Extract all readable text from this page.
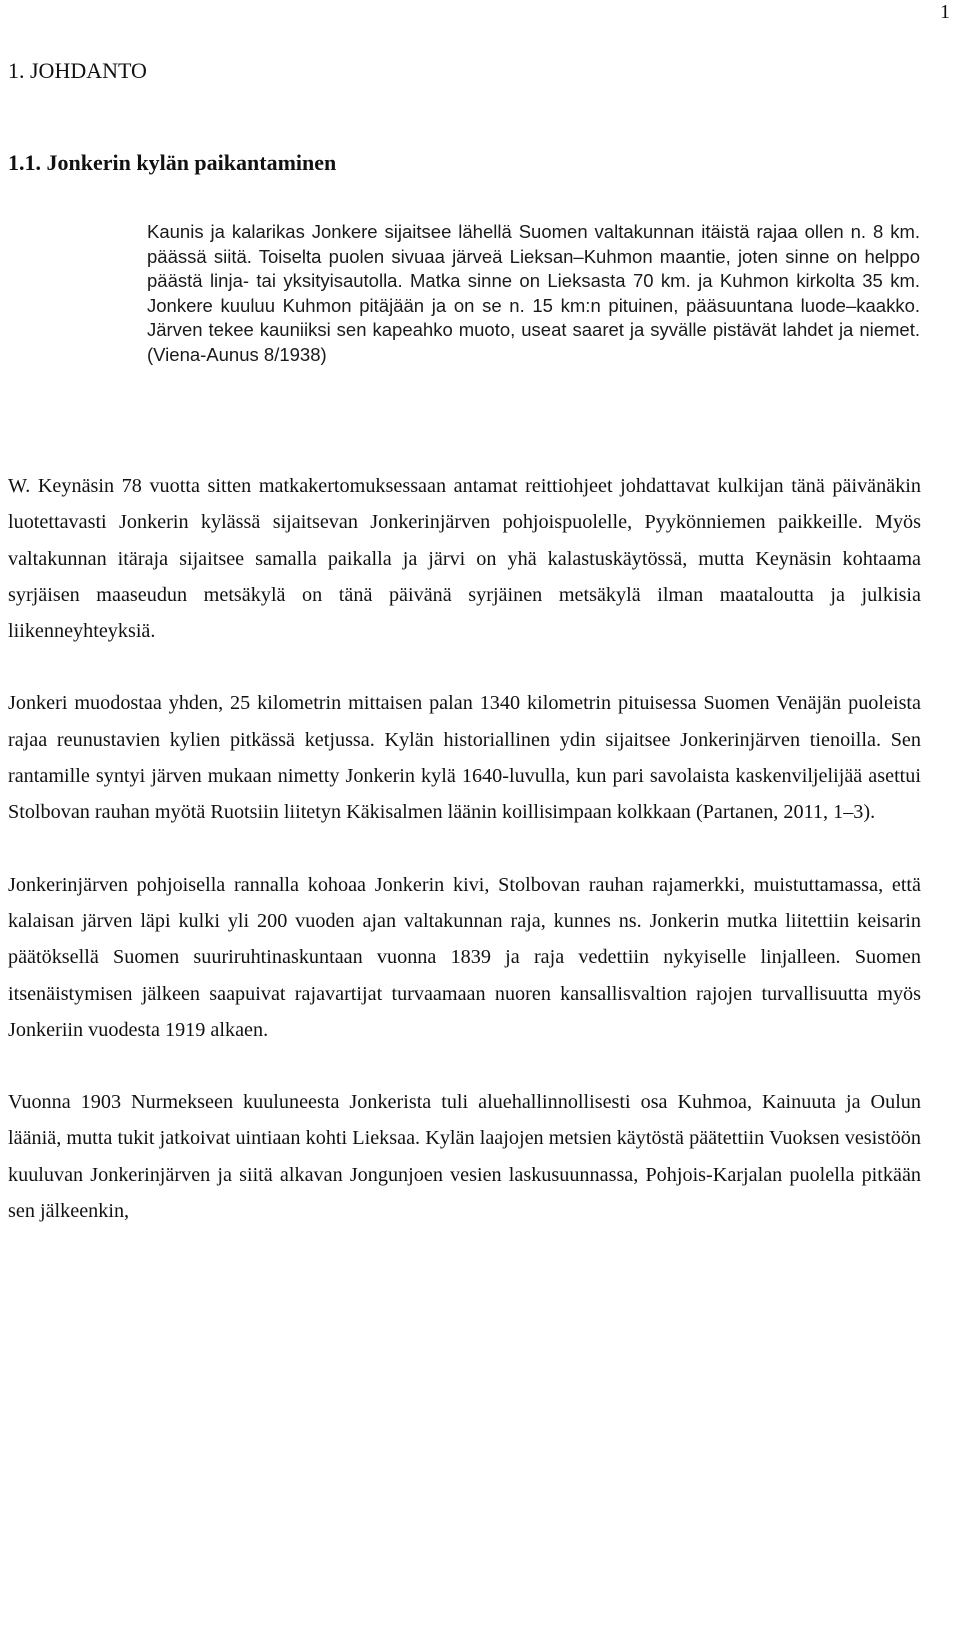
1
1. JOHDANTO
1.1. Jonkerin kylän paikantaminen

Kaunis ja kalarikas Jonkere sijaitsee lähellä Suomen valtakunnan itäistä rajaa ollen n. 8 km. päässä siitä. Toiselta puolen sivuaa järveä Lieksan–Kuhmon maantie, joten sinne on helppo päästä linja- tai yksityisautolla. Matka sinne on Lieksasta 70 km. ja Kuhmon kirkolta 35 km. Jonkere kuuluu Kuhmon pitäjään ja on se n. 15 km:n pituinen, pääsuuntana luode–kaakko. Järven tekee kauniiksi sen kapeahko muoto, useat saaret ja syvälle pistävät lahdet ja niemet. (Viena-Aunus 8/1938)

W. Keynäsin 78 vuotta sitten matkakertomuksessaan antamat reittiohjeet johdattavat kulkijan tänä päivänäkin luotettavasti Jonkerin kylässä sijaitsevan Jonkerinjärven pohjoispuolelle, Pyykönniemen paikkeille. Myös valtakunnan itäraja sijaitsee samalla paikalla ja järvi on yhä kalastuskäytössä, mutta Keynäsin kohtaama syrjäisen maaseudun metsäkylä on tänä päivänä syrjäinen metsäkylä ilman maataloutta ja julkisia liikenneyhteyksiä.

Jonkeri muodostaa yhden, 25 kilometrin mittaisen palan 1340 kilometrin pituisessa Suomen Venäjän puoleista rajaa reunustavien kylien pitkässä ketjussa. Kylän historiallinen ydin sijaitsee Jonkerinjärven tienoilla. Sen rantamille syntyi järven mukaan nimetty Jonkerin kylä 1640-luvulla, kun pari savolaista kaskenviljelijää asettui Stolbovan rauhan myötä Ruotsiin liitetyn Käkisalmen läänin koillisimpaan kolkkaan (Partanen, 2011, 1–3).

Jonkerinjärven pohjoisella rannalla kohoaa Jonkerin kivi, Stolbovan rauhan rajamerkki, muistuttamassa, että kalaisan järven läpi kulki yli 200 vuoden ajan valtakunnan raja, kunnes ns. Jonkerin mutka liitettiin keisarin päätöksellä Suomen suuriruhtinaskuntaan vuonna 1839 ja raja vedettiin nykyiselle linjalleen. Suomen itsenäistymisen jälkeen saapuivat rajavartijat turvaamaan nuoren kansallisvaltion rajojen turvallisuutta myös Jonkeriin vuodesta 1919 alkaen.

Vuonna 1903 Nurmekseen kuuluneesta Jonkerista tuli aluehallinnollisesti osa Kuhmoa, Kainuuta ja Oulun lääniä, mutta tukit jatkoivat uintiaan kohti Lieksaa. Kylän laajojen metsien käytöstä päätettiin Vuoksen vesistöön kuuluvan Jonkerinjärven ja siitä alkavan Jongunjoen vesien laskusuunnassa, Pohjois-Karjalan puolella pitkään sen jälkeenkin,
